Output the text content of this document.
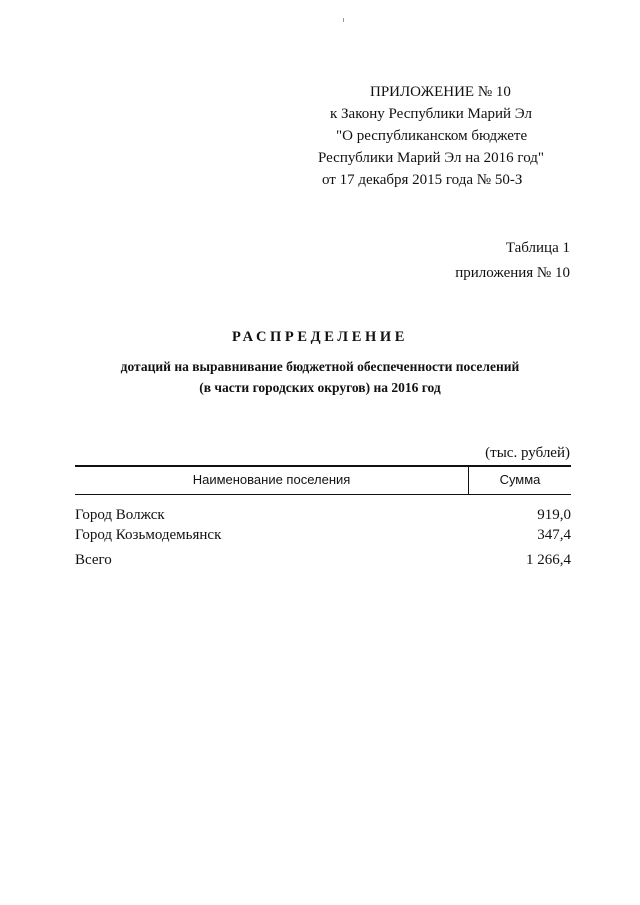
ПРИЛОЖЕНИЕ № 10
к Закону Республики Марий Эл
"О республиканском бюджете
Республики Марий Эл на 2016 год"
от 17 декабря 2015 года № 50-З
Таблица 1
приложения № 10
РАСПРЕДЕЛЕНИЕ
дотаций на выравнивание бюджетной обеспеченности поселений
(в части городских округов) на 2016 год
(тыс. рублей)
Наименование поселения	Сумма
Город Волжск	919,0
Город Козьмодемьянск	347,4
Всего	1 266,4
